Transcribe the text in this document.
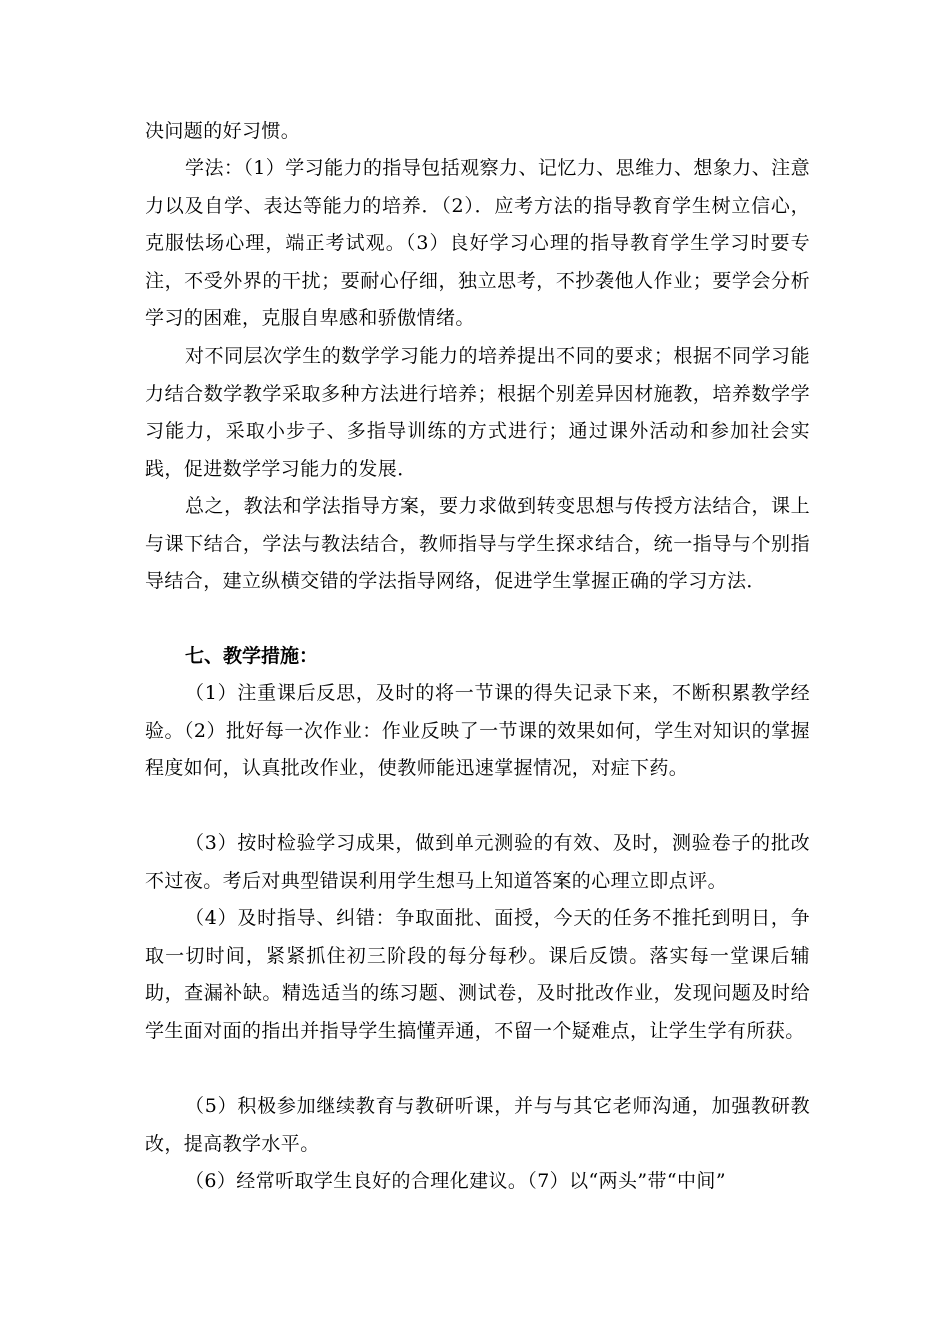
决问题的好习惯。

学法：（1）学习能力的指导包括观察力、记忆力、思维力、想象力、注意力以及自学、表达等能力的培养．（2）．应考方法的指导教育学生树立信心，克服怯场心理，端正考试观。（3）良好学习心理的指导教育学生学习时要专注，不受外界的干扰；要耐心仔细，独立思考，不抄袭他人作业；要学会分析学习的困难，克服自卑感和骄傲情绪。

对不同层次学生的数学学习能力的培养提出不同的要求；根据不同学习能力结合数学教学采取多种方法进行培养；根据个别差异因材施教，培养数学学习能力，采取小步子、多指导训练的方式进行；通过课外活动和参加社会实践，促进数学学习能力的发展．

总之，教法和学法指导方案，要力求做到转变思想与传授方法结合，课上与课下结合，学法与教法结合，教师指导与学生探求结合，统一指导与个别指导结合，建立纵横交错的学法指导网络，促进学生掌握正确的学习方法．

七、教学措施：

（1）注重课后反思，及时的将一节课的得失记录下来，不断积累教学经验。（2）批好每一次作业：作业反映了一节课的效果如何，学生对知识的掌握程度如何，认真批改作业，使教师能迅速掌握情况，对症下药。

（3）按时检验学习成果，做到单元测验的有效、及时，测验卷子的批改不过夜。考后对典型错误利用学生想马上知道答案的心理立即点评。

（4）及时指导、纠错：争取面批、面授，今天的任务不推托到明日，争取一切时间，紧紧抓住初三阶段的每分每秒。课后反馈。落实每一堂课后辅助，查漏补缺。精选适当的练习题、测试卷，及时批改作业，发现问题及时给学生面对面的指出并指导学生搞懂弄通，不留一个疑难点，让学生学有所获。

（5）积极参加继续教育与教研听课，并与与其它老师沟通，加强教研教改，提高教学水平。

（6）经常听取学生良好的合理化建议。（7）以“两头”带“中间”
